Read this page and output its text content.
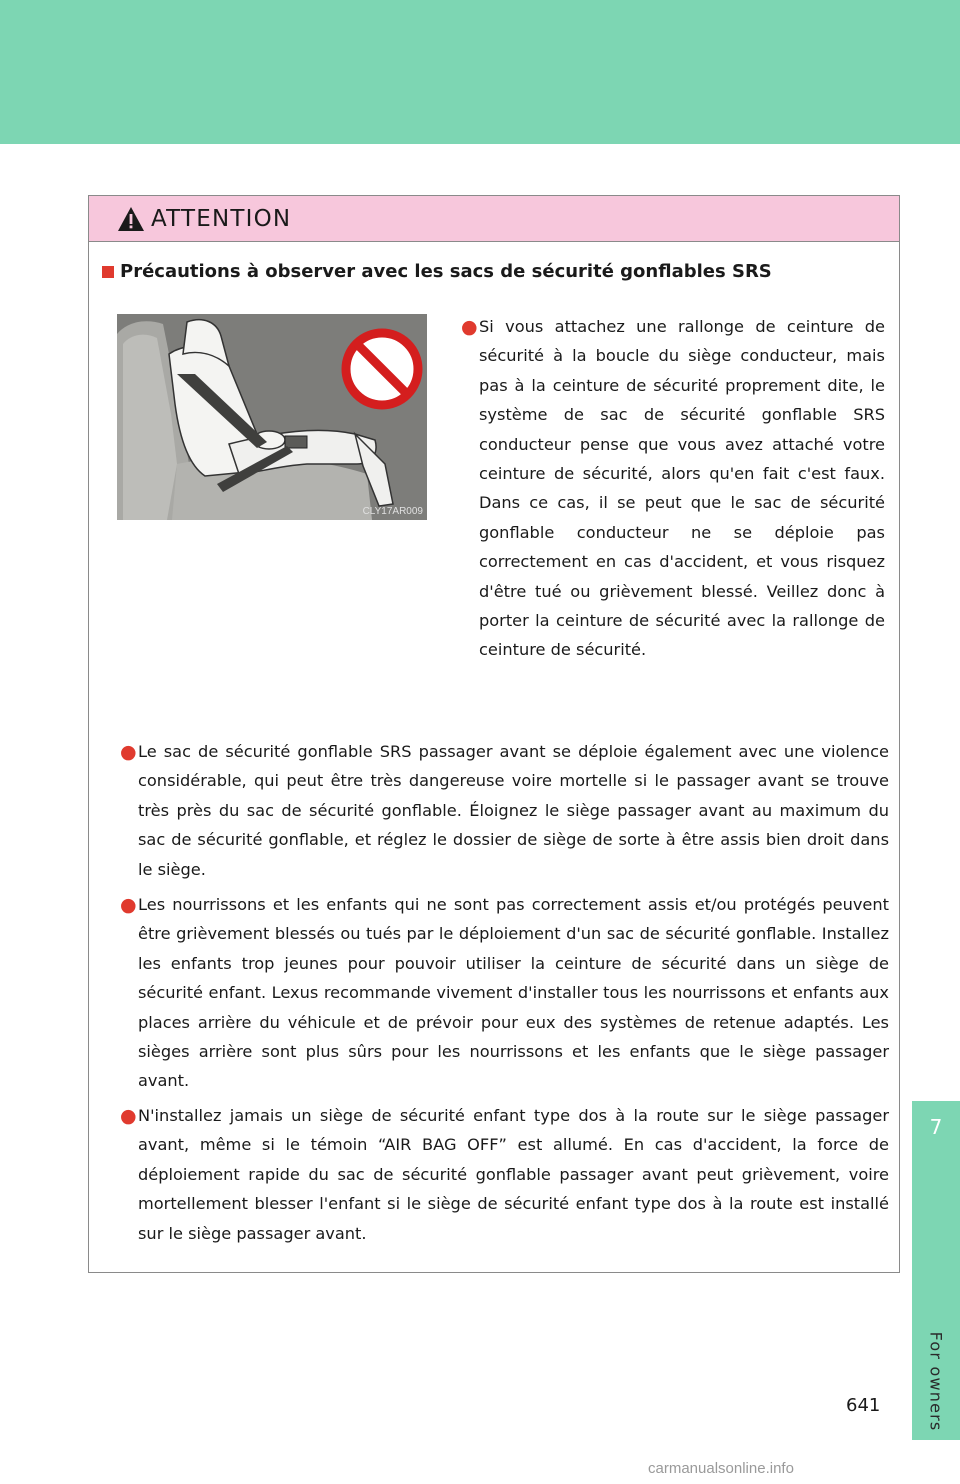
7
For owners
ATTENTION
Précautions à observer avec les sacs de sécurité gonflables SRS
CLY17AR009
● Si vous attachez une rallonge de ceinture de sécurité à la boucle du siège conducteur, mais pas à la ceinture de sécurité proprement dite, le système de sac de sécurité gonflable SRS conducteur pense que vous avez attaché votre ceinture de sécurité, alors qu'en fait c'est faux. Dans ce cas, il se peut que le sac de sécurité gonflable conducteur ne se déploie pas correctement en cas d'accident, et vous risquez d'être tué ou grièvement blessé. Veillez donc à porter la ceinture de sécurité avec la rallonge de ceinture de sécurité.
● Le sac de sécurité gonflable SRS passager avant se déploie également avec une violence considérable, qui peut être très dangereuse voire mortelle si le passager avant se trouve très près du sac de sécurité gonflable. Éloignez le siège passager avant au maximum du sac de sécurité gonflable, et réglez le dossier de siège de sorte à être assis bien droit dans le siège.
● Les nourrissons et les enfants qui ne sont pas correctement assis et/ou protégés peuvent être grièvement blessés ou tués par le déploiement d'un sac de sécurité gonflable. Installez les enfants trop jeunes pour pouvoir utiliser la ceinture de sécurité dans un siège de sécurité enfant. Lexus recommande vivement d'installer tous les nourrissons et enfants aux places arrière du véhicule et de prévoir pour eux des systèmes de retenue adaptés. Les sièges arrière sont plus sûrs pour les nourrissons et les enfants que le siège passager avant.
● N'installez jamais un siège de sécurité enfant type dos à la route sur le siège passager avant, même si le témoin “AIR BAG OFF” est allumé. En cas d'accident, la force de déploiement rapide du sac de sécurité gonflable passager avant peut grièvement, voire mortellement blesser l'enfant si le siège de sécurité enfant type dos à la route est installé sur le siège passager avant.
641
carmanualsonline.info
